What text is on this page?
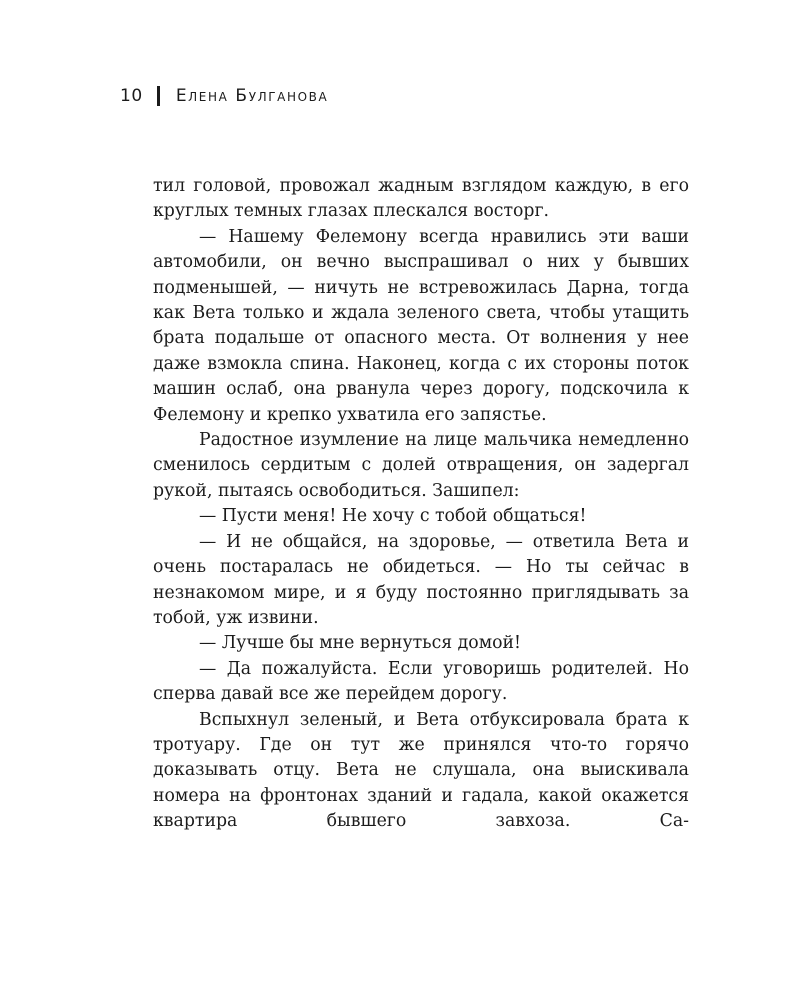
10 Елена Булганова

тил головой, провожал жадным взглядом каждую, в его круглых темных глазах плескался восторг.

— Нашему Фелемону всегда нравились эти ваши автомобили, он вечно выспрашивал о них у бывших подменышей, — ничуть не встревожилась Дарна, тогда как Вета только и ждала зеленого света, чтобы утащить брата подальше от опасного места. От волнения у нее даже взмокла спина. Наконец, когда с их стороны поток машин ослаб, она рванула через дорогу, подскочила к Фелемону и крепко ухватила его запястье.

Радостное изумление на лице мальчика немедленно сменилось сердитым с долей отвращения, он задергал рукой, пытаясь освободиться. Зашипел:

— Пусти меня! Не хочу с тобой общаться!

— И не общайся, на здоровье, — ответила Вета и очень постаралась не обидеться. — Но ты сейчас в незнакомом мире, и я буду постоянно приглядывать за тобой, уж извини.

— Лучше бы мне вернуться домой!

— Да пожалуйста. Если уговоришь родителей. Но сперва давай все же перейдем дорогу.

Вспыхнул зеленый, и Вета отбуксировала брата к тротуару. Где он тут же принялся что-то горячо доказывать отцу. Вета не слушала, она выискивала номера на фронтонах зданий и гадала, какой окажется квартира бывшего завхоза. Са-
